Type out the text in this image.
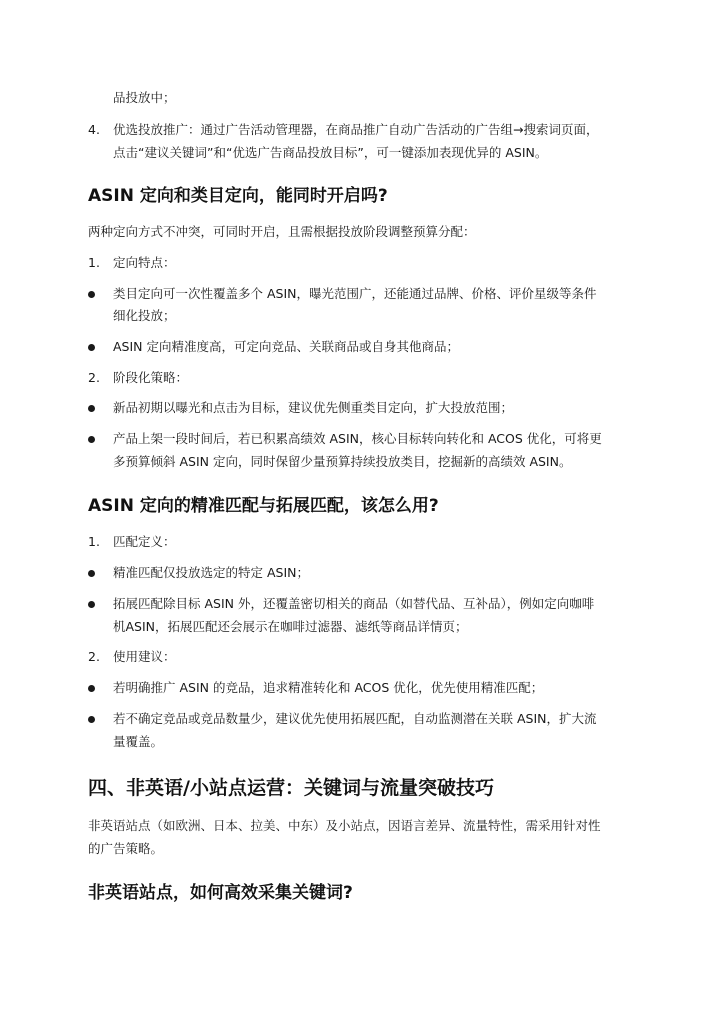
品投放中；
4. 优选投放推广：通过广告活动管理器，在商品推广自动广告活动的广告组→搜索词页面，
点击“建议关键词”和“优选广告商品投放目标”，可一键添加表现优异的 ASIN。
ASIN 定向和类目定向，能同时开启吗?
两种定向方式不冲突，可同时开启，且需根据投放阶段调整预算分配：
1. 定向特点：
类目定向可一次性覆盖多个 ASIN，曝光范围广，还能通过品牌、价格、评价星级等条件
细化投放；
ASIN 定向精准度高，可定向竞品、关联商品或自身其他商品；
2. 阶段化策略：
新品初期以曝光和点击为目标，建议优先侧重类目定向，扩大投放范围；
产品上架一段时间后，若已积累高绩效 ASIN，核心目标转向转化和 ACOS 优化，可将更
多预算倾斜 ASIN 定向，同时保留少量预算持续投放类目，挖掘新的高绩效 ASIN。
ASIN 定向的精准匹配与拓展匹配，该怎么用?
1. 匹配定义：
精准匹配仅投放选定的特定 ASIN；
拓展匹配除目标 ASIN 外，还覆盖密切相关的商品（如替代品、互补品），例如定向咖啡
机ASIN，拓展匹配还会展示在咖啡过滤器、滤纸等商品详情页；
2. 使用建议：
若明确推广 ASIN 的竞品，追求精准转化和 ACOS 优化，优先使用精准匹配；
若不确定竞品或竞品数量少，建议优先使用拓展匹配，自动监测潜在关联 ASIN，扩大流
量覆盖。
四、非英语/小站点运营：关键词与流量突破技巧
非英语站点（如欧洲、日本、拉美、中东）及小站点，因语言差异、流量特性，需采用针对性
的广告策略。
非英语站点，如何高效采集关键词?
